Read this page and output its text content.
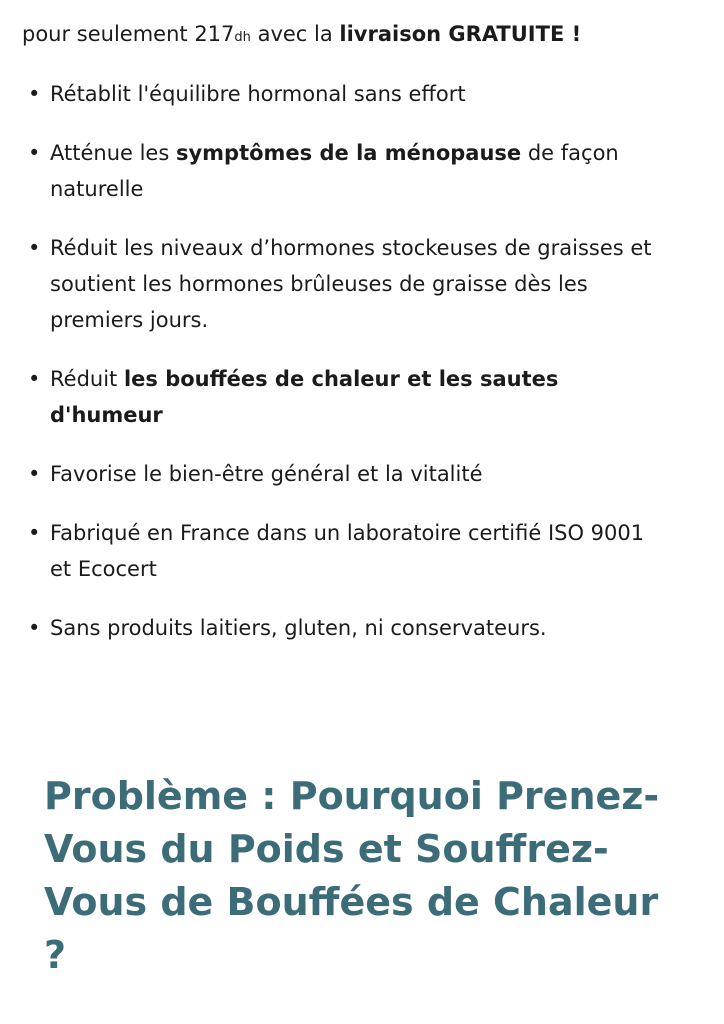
pour seulement 217dh avec la livraison GRATUITE !

• Rétablit l'équilibre hormonal sans effort
• Atténue les symptômes de la ménopause de façon naturelle
• Réduit les niveaux d’hormones stockeuses de graisses et soutient les hormones brûleuses de graisse dès les premiers jours.
• Réduit les bouffées de chaleur et les sautes d'humeur
• Favorise le bien-être général et la vitalité
• Fabriqué en France dans un laboratoire certifié ISO 9001 et Ecocert
• Sans produits laitiers, gluten, ni conservateurs.
Problème : Pourquoi Prenez-Vous du Poids et Souffrez-Vous de Bouffées de Chaleur ?
